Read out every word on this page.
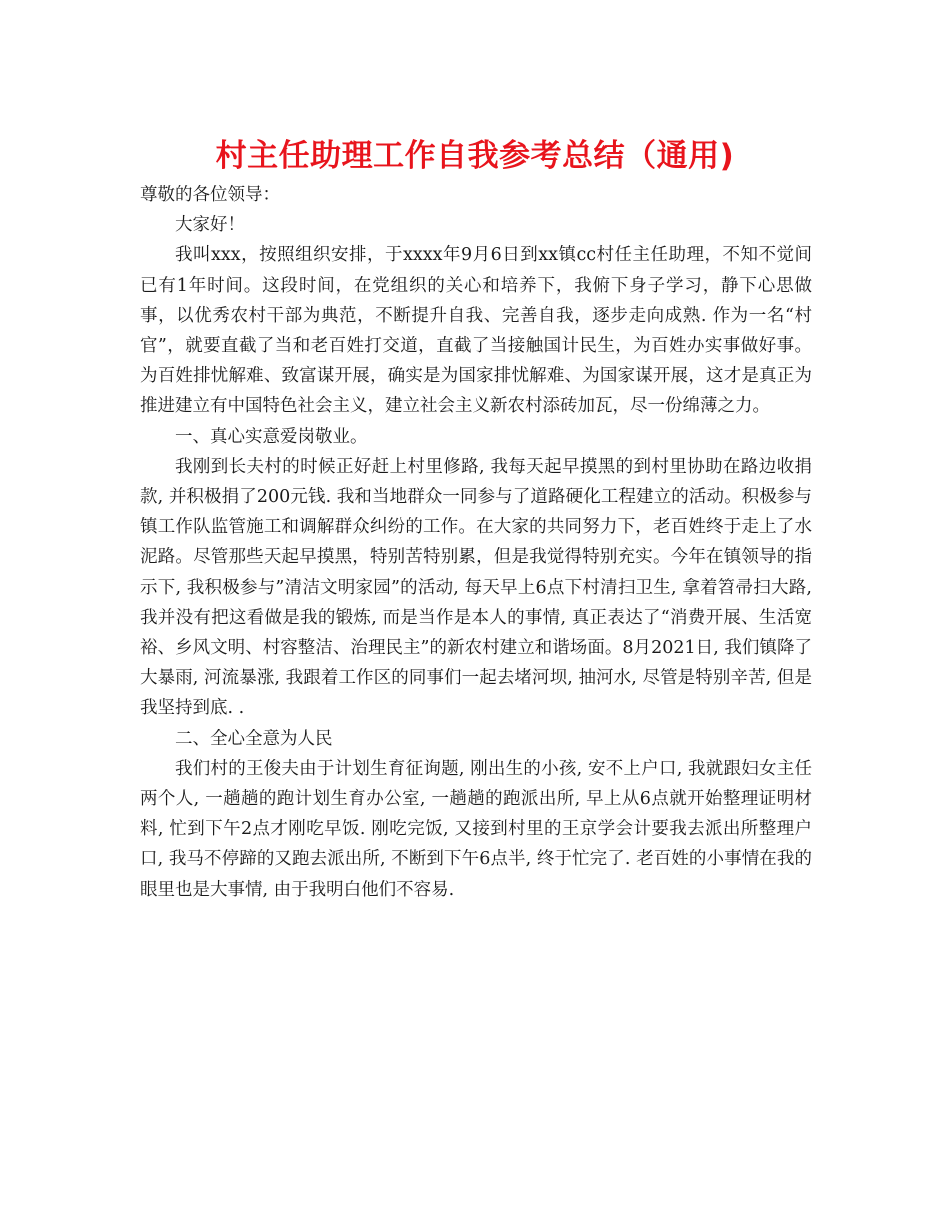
村主任助理工作自我参考总结（通用)

尊敬的各位领导：

大家好！

我叫xxx，按照组织安排，于xxxx年9月6日到xx镇cc村任主任助理，不知不觉间已有1年时间。这段时间，在党组织的关心和培养下，我俯下身子学习，静下心思做事，以优秀农村干部为典范，不断提升自我、完善自我，逐步走向成熟. 作为一名“村官”，就要直截了当和老百姓打交道，直截了当接触国计民生，为百姓办实事做好事。为百姓排忧解难、致富谋开展，确实是为国家排忧解难、为国家谋开展，这才是真正为推进建立有中国特色社会主义，建立社会主义新农村添砖加瓦，尽一份绵薄之力。

一、真心实意爱岗敬业。

我刚到长夫村的时候正好赶上村里修路, 我每天起早摸黑的到村里协助在路边收捐款, 并积极捐了200元钱. 我和当地群众一同参与了道路硬化工程建立的活动。积极参与镇工作队监管施工和调解群众纠纷的工作。在大家的共同努力下，老百姓终于走上了水泥路。尽管那些天起早摸黑，特别苦特别累，但是我觉得特别充实。今年在镇领导的指示下, 我积极参与”清洁文明家园”的活动, 每天早上6点下村清扫卫生, 拿着笤帚扫大路, 我并没有把这看做是我的锻炼, 而是当作是本人的事情, 真正表达了“消费开展、生活宽裕、乡风文明、村容整洁、治理民主”的新农村建立和谐场面。8月2021日, 我们镇降了大暴雨, 河流暴涨, 我跟着工作区的同事们一起去堵河坝, 抽河水, 尽管是特别辛苦, 但是我坚持到底. .

二、全心全意为人民

我们村的王俊夫由于计划生育征询题, 刚出生的小孩, 安不上户口, 我就跟妇女主任两个人, 一趟趟的跑计划生育办公室, 一趟趟的跑派出所, 早上从6点就开始整理证明材料, 忙到下午2点才刚吃早饭. 刚吃完饭, 又接到村里的王京学会计要我去派出所整理户口, 我马不停蹄的又跑去派出所, 不断到下午6点半, 终于忙完了. 老百姓的小事情在我的眼里也是大事情, 由于我明白他们不容易.
